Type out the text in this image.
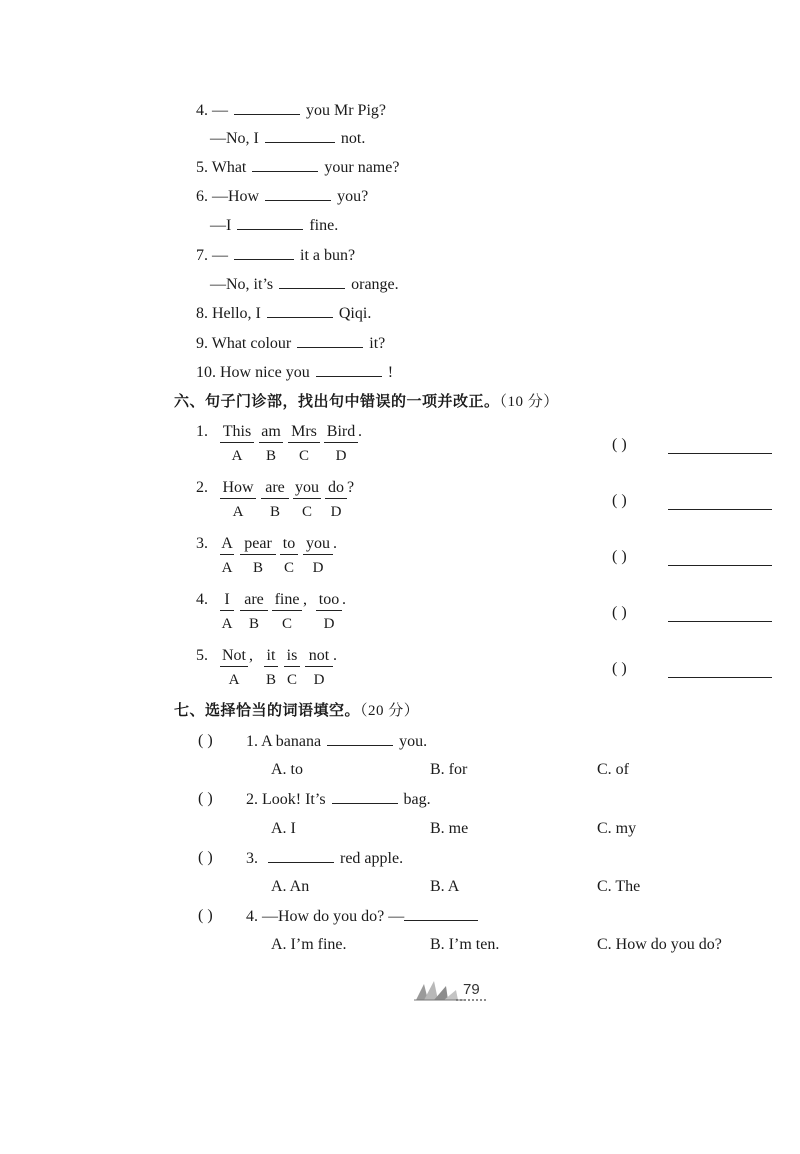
4. —	you Mr Pig?
—No, I	not.
5. What	your name?
6. —How	you?
—I	fine.
7. —	it a bun?
—No, it’s	orange.
8. Hello, I	Qiqi.
9. What colour	it?
10. How nice you	!
六、句子门诊部，找出句中错误的一项并改正。（10 分）
1. This am Mrs Bird .
A	B	C	D
( )
2. How are you do ?
A	B	C	D
( )
3. A pear to you .
A	B	C	D
( )
4. I are fine , too .
A	B	C	D
( )
5. Not , it is not .
A	B C	D
( )
七、选择恰当的词语填空。（20 分）
( ) 1. A banana	you.
A. to	B. for	C. of
( ) 2. Look! It’s	bag.
A. I	B. me	C. my
( ) 3.	red apple.
A. An	B. A	C. The
( ) 4. —How do you do? —
A. I’m fine.	B. I’m ten.	C. How do you do?
79
